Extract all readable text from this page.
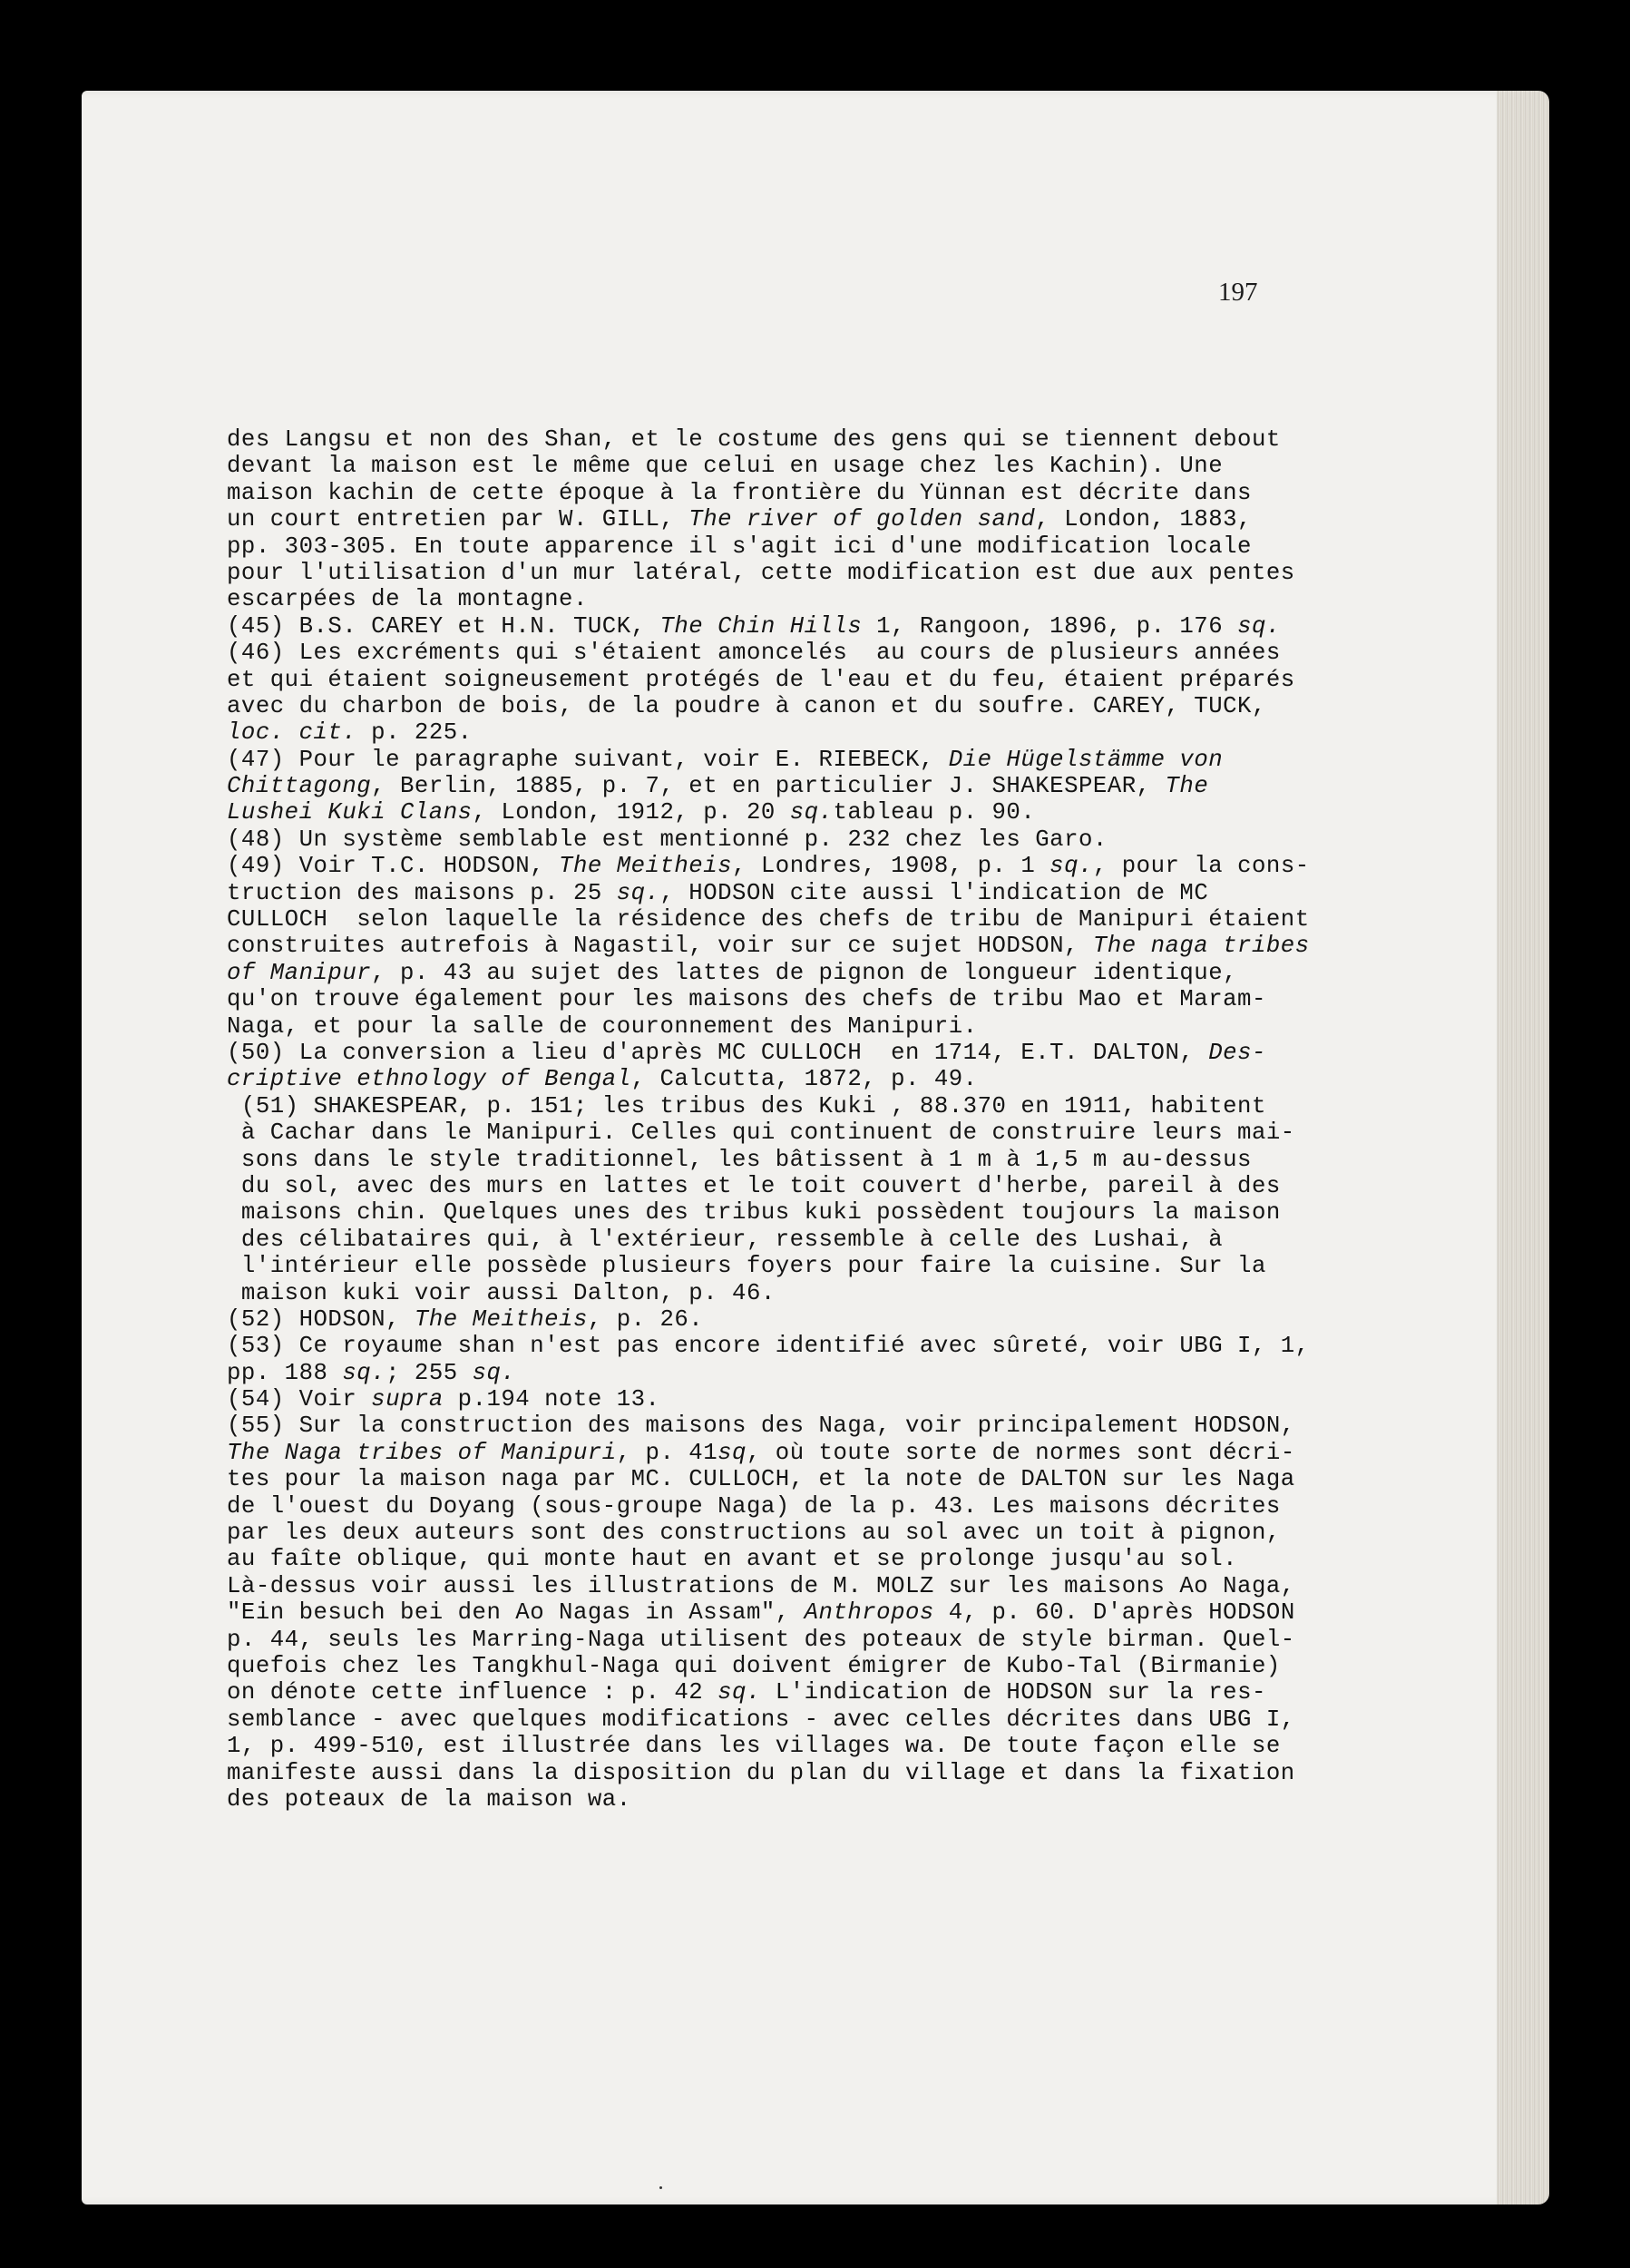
197
des Langsu et non des Shan, et le costume des gens qui se tiennent debout
devant la maison est le même que celui en usage chez les Kachin). Une
maison kachin de cette époque à la frontière du Yünnan est décrite dans
un court entretien par W. GILL, The river of golden sand, London, 1883,
pp. 303-305. En toute apparence il s'agit ici d'une modification locale
pour l'utilisation d'un mur latéral, cette modification est due aux pentes
escarpées de la montagne.
(45) B.S. CAREY et H.N. TUCK, The Chin Hills 1, Rangoon, 1896, p. 176 sq.
(46) Les excréments qui s'étaient amoncelés  au cours de plusieurs années
et qui étaient soigneusement protégés de l'eau et du feu, étaient préparés
avec du charbon de bois, de la poudre à canon et du soufre. CAREY, TUCK,
loc. cit. p. 225.
(47) Pour le paragraphe suivant, voir E. RIEBECK, Die Hügelstämme von
Chittagong, Berlin, 1885, p. 7, et en particulier J. SHAKESPEAR, The
Lushei Kuki Clans, London, 1912, p. 20 sq.tableau p. 90.
(48) Un système semblable est mentionné p. 232 chez les Garo.
(49) Voir T.C. HODSON, The Meitheis, Londres, 1908, p. 1 sq., pour la cons-
truction des maisons p. 25 sq., HODSON cite aussi l'indication de MC
CULLOCH  selon laquelle la résidence des chefs de tribu de Manipuri étaient
construites autrefois à Nagastil, voir sur ce sujet HODSON, The naga tribes
of Manipur, p. 43 au sujet des lattes de pignon de longueur identique,
qu'on trouve également pour les maisons des chefs de tribu Mao et Maram-
Naga, et pour la salle de couronnement des Manipuri.
(50) La conversion a lieu d'après MC CULLOCH  en 1714, E.T. DALTON, Des-
criptive ethnology of Bengal, Calcutta, 1872, p. 49.
(51) SHAKESPEAR, p. 151; les tribus des Kuki , 88.370 en 1911, habitent
à Cachar dans le Manipuri. Celles qui continuent de construire leurs mai-
sons dans le style traditionnel, les bâtissent à 1 m à 1,5 m au-dessus
du sol, avec des murs en lattes et le toit couvert d'herbe, pareil à des
maisons chin. Quelques unes des tribus kuki possèdent toujours la maison
des célibataires qui, à l'extérieur, ressemble à celle des Lushai, à
l'intérieur elle possède plusieurs foyers pour faire la cuisine. Sur la
maison kuki voir aussi Dalton, p. 46.
(52) HODSON, The Meitheis, p. 26.
(53) Ce royaume shan n'est pas encore identifié avec sûreté, voir UBG I, 1,
pp. 188 sq.; 255 sq.
(54) Voir supra p.194 note 13.
(55) Sur la construction des maisons des Naga, voir principalement HODSON,
The Naga tribes of Manipuri, p. 41sq, où toute sorte de normes sont décri-
tes pour la maison naga par MC. CULLOCH, et la note de DALTON sur les Naga
de l'ouest du Doyang (sous-groupe Naga) de la p. 43. Les maisons décrites
par les deux auteurs sont des constructions au sol avec un toit à pignon,
au faîte oblique, qui monte haut en avant et se prolonge jusqu'au sol.
Là-dessus voir aussi les illustrations de M. MOLZ sur les maisons Ao Naga,
"Ein besuch bei den Ao Nagas in Assam", Anthropos 4, p. 60. D'après HODSON
p. 44, seuls les Marring-Naga utilisent des poteaux de style birman. Quel-
quefois chez les Tangkhul-Naga qui doivent émigrer de Kubo-Tal (Birmanie)
on dénote cette influence : p. 42 sq. L'indication de HODSON sur la res-
semblance - avec quelques modifications - avec celles décrites dans UBG I,
1, p. 499-510, est illustrée dans les villages wa. De toute façon elle se
manifeste aussi dans la disposition du plan du village et dans la fixation
des poteaux de la maison wa.
